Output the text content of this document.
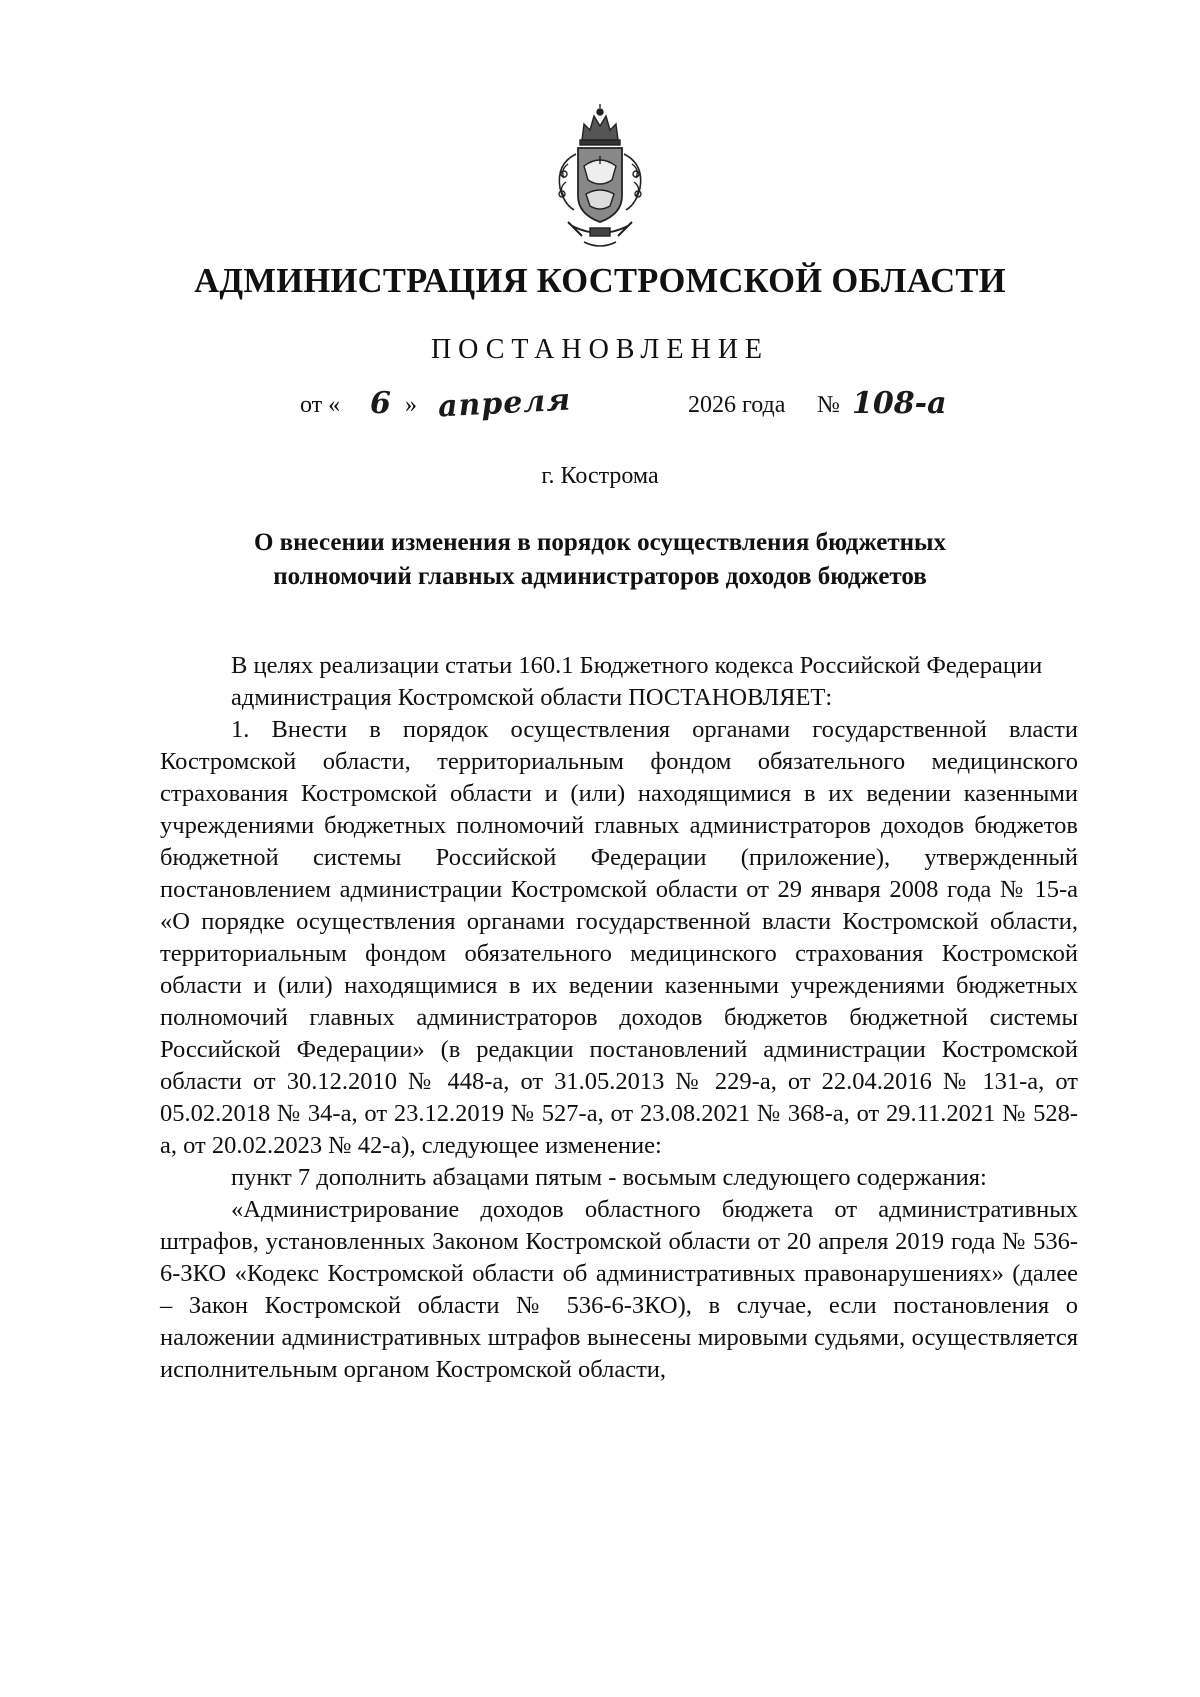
АДМИНИСТРАЦИЯ КОСТРОМСКОЙ ОБЛАСТИ
ПОСТАНОВЛЕНИЕ
от « 6 » апреля	2026 года № 108-а
г. Кострома
О внесении изменения в порядок осуществления бюджетных
полномочий главных администраторов доходов бюджетов

В целях реализации статьи 160.1 Бюджетного кодекса Российской Федерации

администрация Костромской области ПОСТАНОВЛЯЕТ:

1. Внести в порядок осуществления органами государственной власти Костромской области, территориальным фондом обязательного медицинского страхования Костромской области и (или) находящимися в их ведении казенными учреждениями бюджетных полномочий главных администраторов доходов бюджетов бюджетной системы Российской Федерации (приложение), утвержденный постановлением администрации Костромской области от 29 января 2008 года № 15-а «О порядке осуществления органами государственной власти Костромской области, территориальным фондом обязательного медицинского страхования Костромской области и (или) находящимися в их ведении казенными учреждениями бюджетных полномочий главных администраторов доходов бюджетов бюджетной системы Российской Федерации» (в редакции постановлений администрации Костромской области от 30.12.2010 № 448-а, от 31.05.2013 № 229-а, от 22.04.2016 № 131-а, от 05.02.2018 № 34-а, от 23.12.2019 № 527-а, от 23.08.2021 № 368-а, от 29.11.2021 № 528-а, от 20.02.2023 № 42-а), следующее изменение:

пункт 7 дополнить абзацами пятым - восьмым следующего содержания:

«Администрирование доходов областного бюджета от административных штрафов, установленных Законом Костромской области от 20 апреля 2019 года № 536-6-ЗКО «Кодекс Костромской области об административных правонарушениях» (далее – Закон Костромской области № 536-6-ЗКО), в случае, если постановления о наложении административных штрафов вынесены мировыми судьями, осуществляется исполнительным органом Костромской области,
